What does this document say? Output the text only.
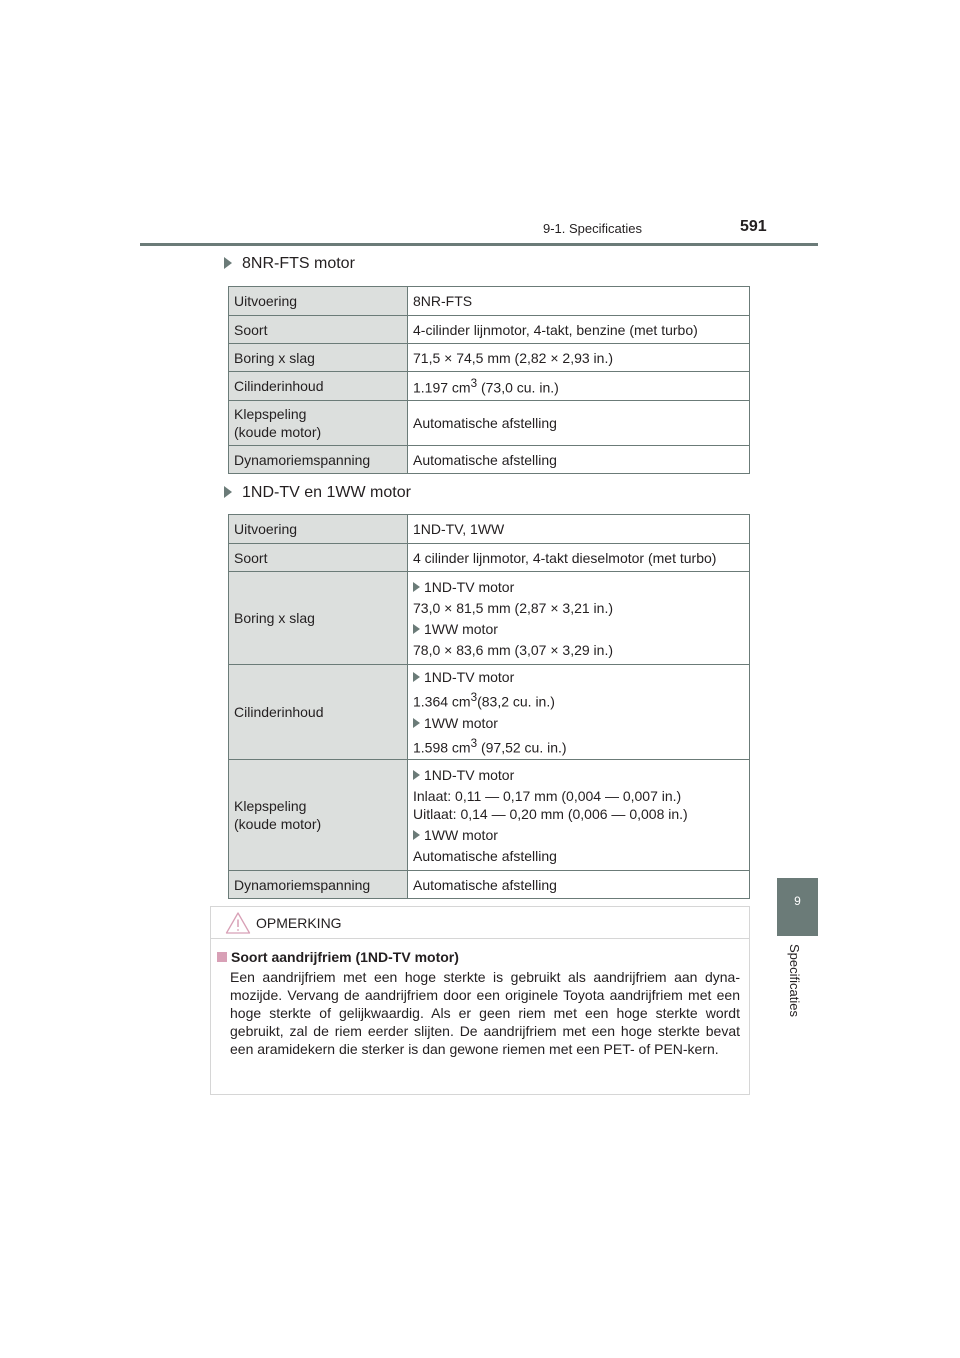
9-1. Specificaties	591
9
Specificaties
8NR-FTS motor
Uitvoering	8NR-FTS
Soort	4-cilinder lijnmotor, 4-takt, benzine (met turbo)
Boring x slag	71,5 × 74,5 mm (2,82 × 2,93 in.)
Cilinderinhoud	1.197 $cm^3$ (73,0 cu. in.)
Klepspeling
(koude motor)	Automatische afstelling
Dynamoriemspanning	Automatische afstelling
1ND-TV en 1WW motor
Uitvoering	1ND-TV, 1WW
Soort	4 cilinder lijnmotor, 4-takt dieselmotor (met turbo)
Boring x slag	1ND-TV motor
73,0 × 81,5 mm (2,87 × 3,21 in.)
1WW motor
78,0 × 83,6 mm (3,07 × 3,29 in.)

Cilinderinhoud	1ND-TV motor
1.364 $cm^3(83,2$ cu. in.)
1WW motor
1.598 $cm^3$ (97,52 cu. in.)

Klepspeling
(koude motor)	1ND-TV motor
Inlaat: 0,11 — 0,17 mm (0,004 — 0,007 in.)
Uitlaat: 0,14 — 0,20 mm (0,006 — 0,008 in.)
1WW motor
Automatische afstelling

Dynamoriemspanning	Automatische afstelling
OPMERKING
Soort aandrijfriem (1ND-TV motor)
Een aandrijfriem met een hoge sterkte is gebruikt als aandrijfriem aan dyna- mozijde. Vervang de aandrijfriem door een originele Toyota aandrijfriem met een hoge sterkte of gelijkwaardig. Als er geen riem met een hoge sterkte wordt gebruikt, zal de riem eerder slijten. De aandrijfriem met een hoge sterkte bevat een aramidekern die sterker is dan gewone riemen met een PET- of PEN-kern.
